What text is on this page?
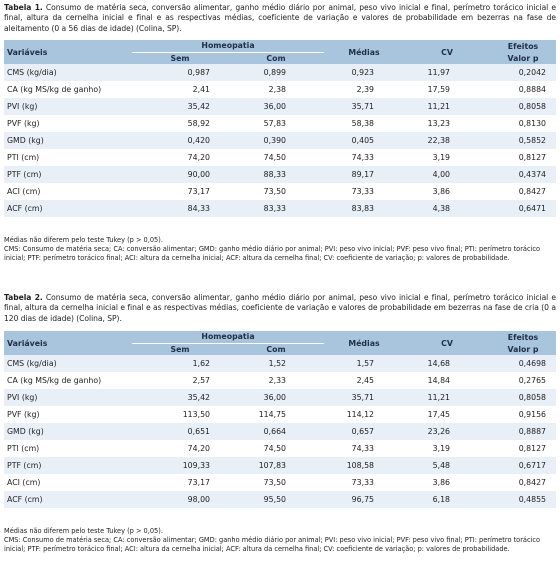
Tabela 1. Consumo de matéria seca, conversão alimentar, ganho médio diário por animal, peso vivo inicial e final, perímetro torácico inicial e final, altura da cernelha inicial e final e as respectivas médias, coeficiente de variação e valores de probabilidade em bezerras na fase de aleitamento (0 a 56 dias de idade) (Colina, SP).
Variáveis	Homeopatia		Médias	CV	Efeitos
	Sem	Com			Valor p
CMS (kg/dia)	0,987	0,899	0,923	11,97	0,2042
CA (kg MS/kg de ganho)	2,41	2,38	2,39	17,59	0,8884
PVI (kg)	35,42	36,00	35,71	11,21	0,8058
PVF (kg)	58,92	57,83	58,38	13,23	0,8130
GMD (kg)	0,420	0,390	0,405	22,38	0,5852
PTI (cm)	74,20	74,50	74,33	3,19	0,8127
PTF (cm)	90,00	88,33	89,17	4,00	0,4374
ACI (cm)	73,17	73,50	73,33	3,86	0,8427
ACF (cm)	84,33	83,33	83,83	4,38	0,6471
Médias não diferem pelo teste Tukey (p > 0,05).
CMS: Consumo de matéria seca; CA: conversão alimentar; GMD: ganho médio diário por animal; PVI: peso vivo inicial; PVF: peso vivo final; PTI: perímetro torácico inicial; PTF: perímetro torácico final; ACI: altura da cernelha inicial; ACF: altura da cernelha final; CV: coeficiente de variação; p: valores de probabilidade.
Tabela 2. Consumo de matéria seca, conversão alimentar, ganho médio diário por animal, peso vivo inicial e final, perímetro torácico inicial e final, altura da cernelha inicial e final e as respectivas médias, coeficiente de variação e valores de probabilidade em bezerras na fase de cria (0 a 120 dias de idade) (Colina, SP).
Variáveis	Homeopatia		Médias	CV	Efeitos
	Sem	Com			Valor p
CMS (kg/dia)	1,62	1,52	1,57	14,68	0,4698
CA (kg MS/kg de ganho)	2,57	2,33	2,45	14,84	0,2765
PVI (kg)	35,42	36,00	35,71	11,21	0,8058
PVF (kg)	113,50	114,75	114,12	17,45	0,9156
GMD (kg)	0,651	0,664	0,657	23,26	0,8887
PTI (cm)	74,20	74,50	74,33	3,19	0,8127
PTF (cm)	109,33	107,83	108,58	5,48	0,6717
ACI (cm)	73,17	73,50	73,33	3,86	0,8427
ACF (cm)	98,00	95,50	96,75	6,18	0,4855
Médias não diferem pelo teste Tukey (p > 0,05).
CMS: Consumo de matéria seca; CA: conversão alimentar; GMD: ganho médio diário por animal; PVI: peso vivo inicial; PVF: peso vivo final; PTI: perímetro torácico inicial; PTF: perímetro torácico final; ACI: altura da cernelha inicial; ACF: altura da cernelha final; CV: coeficiente de variação; p: valores de probabilidade.
